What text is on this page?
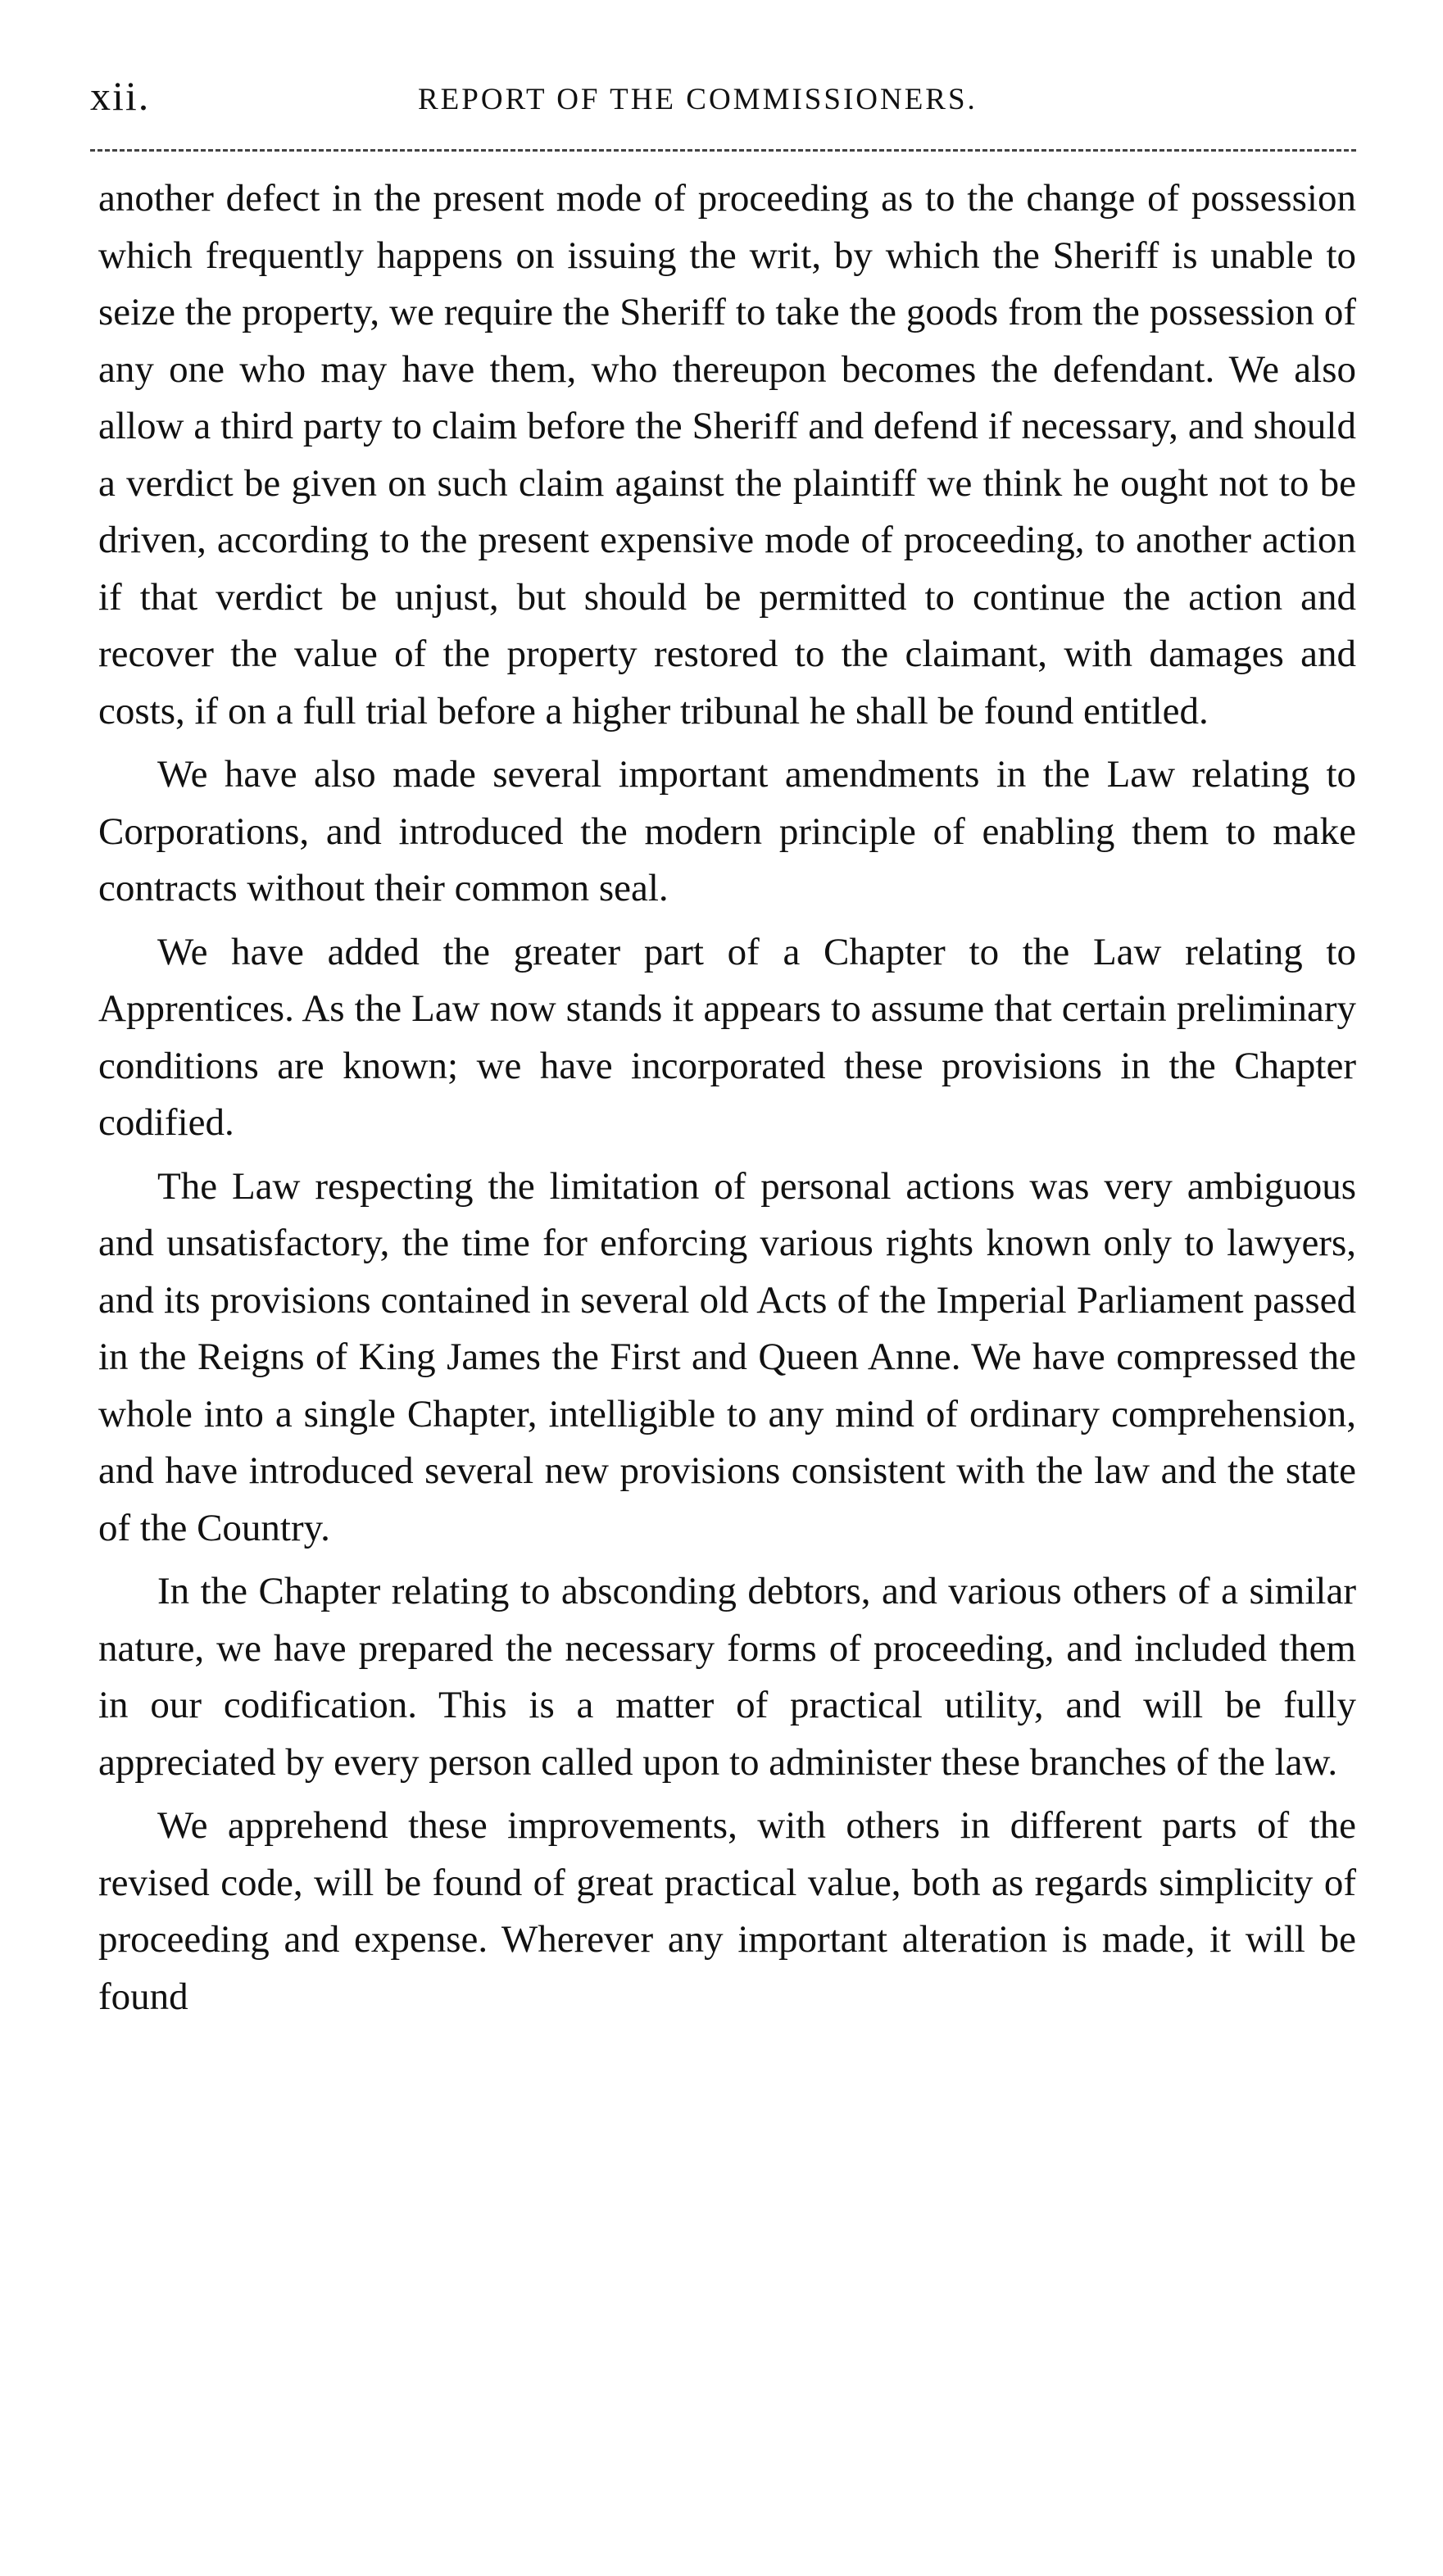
xii.	REPORT OF THE COMMISSIONERS.

another defect in the present mode of proceeding as to the change of possession which frequently happens on issuing the writ, by which the Sheriff is unable to seize the property, we require the Sheriff to take the goods from the possession of any one who may have them, who thereupon becomes the defendant. We also allow a third party to claim before the Sheriff and defend if necessary, and should a verdict be given on such claim against the plaintiff we think he ought not to be driven, according to the present expensive mode of proceeding, to another action if that verdict be unjust, but should be permitted to continue the action and recover the value of the property restored to the claimant, with damages and costs, if on a full trial before a higher tribunal he shall be found entitled.

We have also made several important amendments in the Law relating to Corporations, and introduced the modern principle of enabling them to make contracts without their common seal.

We have added the greater part of a Chapter to the Law relating to Apprentices. As the Law now stands it appears to assume that certain preliminary conditions are known; we have incorporated these provisions in the Chapter codified.

The Law respecting the limitation of personal actions was very ambiguous and unsatisfactory, the time for enforcing various rights known only to lawyers, and its provisions contained in several old Acts of the Imperial Parliament passed in the Reigns of King James the First and Queen Anne. We have compressed the whole into a single Chapter, intelligible to any mind of ordinary comprehension, and have introduced several new provisions consistent with the law and the state of the Country.

In the Chapter relating to absconding debtors, and various others of a similar nature, we have prepared the necessary forms of proceeding, and included them in our codification. This is a matter of practical utility, and will be fully appreciated by every person called upon to administer these branches of the law.

We apprehend these improvements, with others in different parts of the revised code, will be found of great practical value, both as regards simplicity of proceeding and expense. Wherever any important alteration is made, it will be found
